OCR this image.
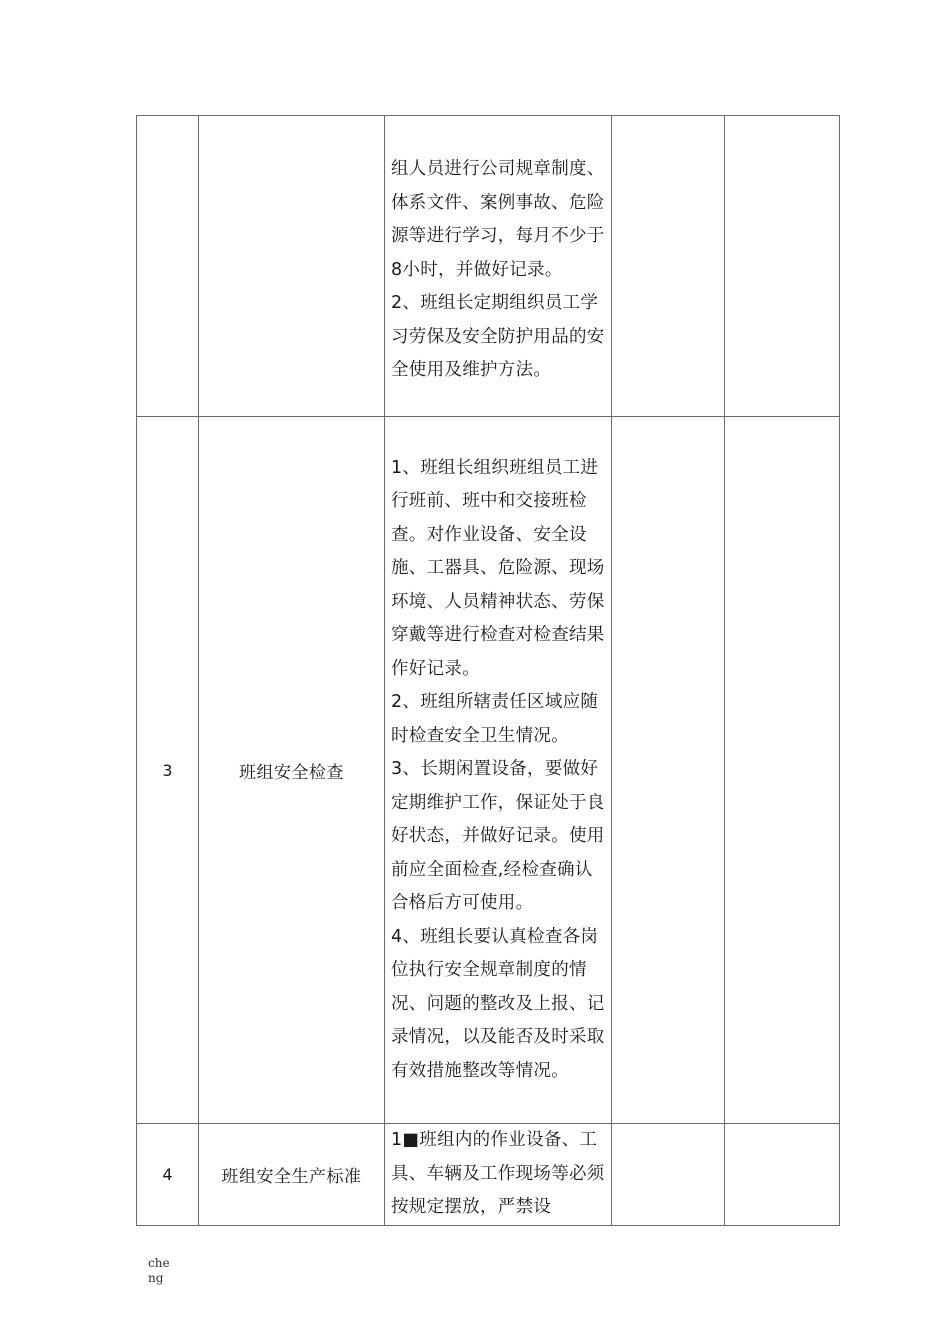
		组人员进行公司规章制度、体系文件、案例事故、危险源等进行学习，每月不少于8小时，并做好记录。

2、班组长定期组织员工学习劳保及安全防护用品的安全使用及维护方法。		

3	班组安全检查	1、班组长组织班组员工进行班前、班中和交接班检查。对作业设备、安全设施、工器具、危险源、现场环境、人员精神状态、劳保穿戴等进行检查对检查结果作好记录。

2、班组所辖责任区域应随时检查安全卫生情况。

3、长期闲置设备，要做好定期维护工作，保证处于良好状态，并做好记录。使用前应全面检查,经检查确认合格后方可使用。

4、班组长要认真检查各岗位执行安全规章制度的情况、问题的整改及上报、记录情况，以及能否及时采取有效措施整改等情况。		

4	班组安全生产标准	1■班组内的作业设备、工具、车辆及工作现场等必须按规定摆放，严禁设		

che
ng
